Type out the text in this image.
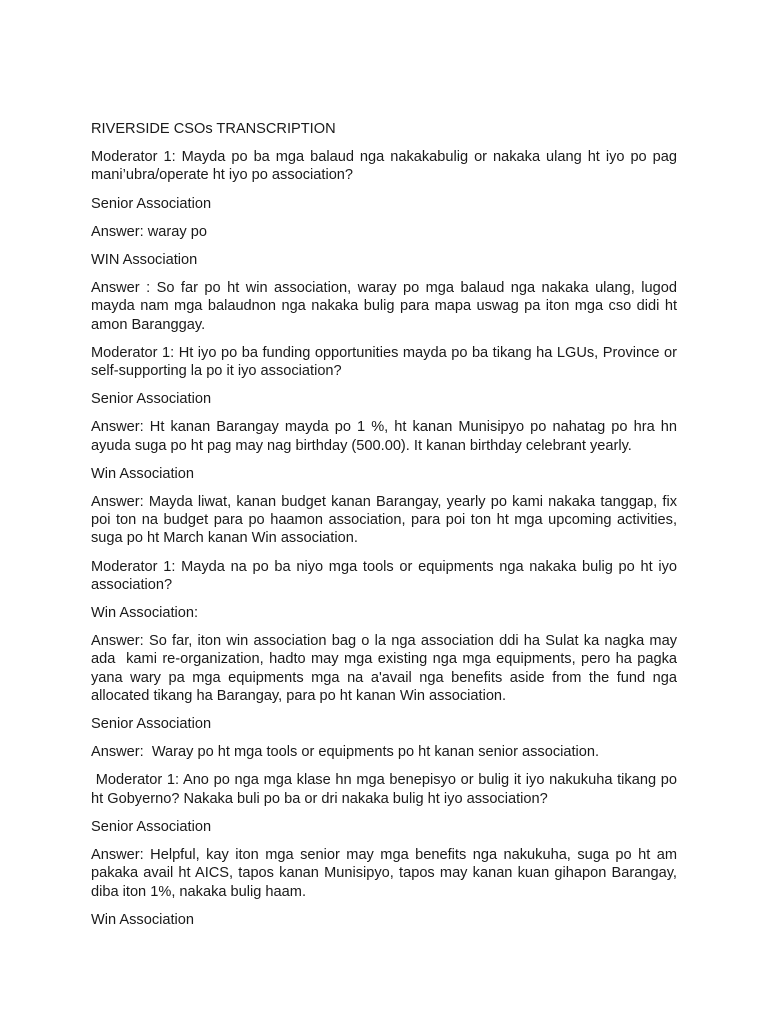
RIVERSIDE CSOs TRANSCRIPTION

Moderator 1: Mayda po ba mga balaud nga nakakabulig or nakaka ulang ht iyo po pag mani’ubra/operate ht iyo po association?

Senior Association

Answer: waray po

WIN Association

Answer : So far po ht win association, waray po mga balaud nga nakaka ulang, lugod mayda nam mga balaudnon nga nakaka bulig para mapa uswag pa iton mga cso didi ht amon Baranggay.

Moderator 1: Ht iyo po ba funding opportunities mayda po ba tikang ha LGUs, Province or self-supporting la po it iyo association?

Senior Association

Answer: Ht kanan Barangay mayda po 1 %, ht kanan Munisipyo po nahatag po hra hn ayuda suga po ht pag may nag birthday (500.00). It kanan birthday celebrant yearly.

Win Association

Answer: Mayda liwat, kanan budget kanan Barangay, yearly po kami nakaka tanggap, fix poi ton na budget para po haamon association, para poi ton ht mga upcoming activities, suga po ht March kanan Win association.

Moderator 1: Mayda na po ba niyo mga tools or equipments nga nakaka bulig po ht iyo association?

Win Association:

Answer: So far, iton win association bag o la nga association ddi ha Sulat ka nagka may ada  kami re-organization, hadto may mga existing nga mga equipments, pero ha pagka yana wary pa mga equipments mga na a'avail nga benefits aside from the fund nga allocated tikang ha Barangay, para po ht kanan Win association.

Senior Association

Answer:  Waray po ht mga tools or equipments po ht kanan senior association.

Moderator 1: Ano po nga mga klase hn mga benepisyo or bulig it iyo nakukuha tikang po ht Gobyerno? Nakaka buli po ba or dri nakaka bulig ht iyo association?

Senior Association

Answer: Helpful, kay iton mga senior may mga benefits nga nakukuha, suga po ht am pakaka avail ht AICS, tapos kanan Munisipyo, tapos may kanan kuan gihapon Barangay, diba iton 1%, nakaka bulig haam.

Win Association
